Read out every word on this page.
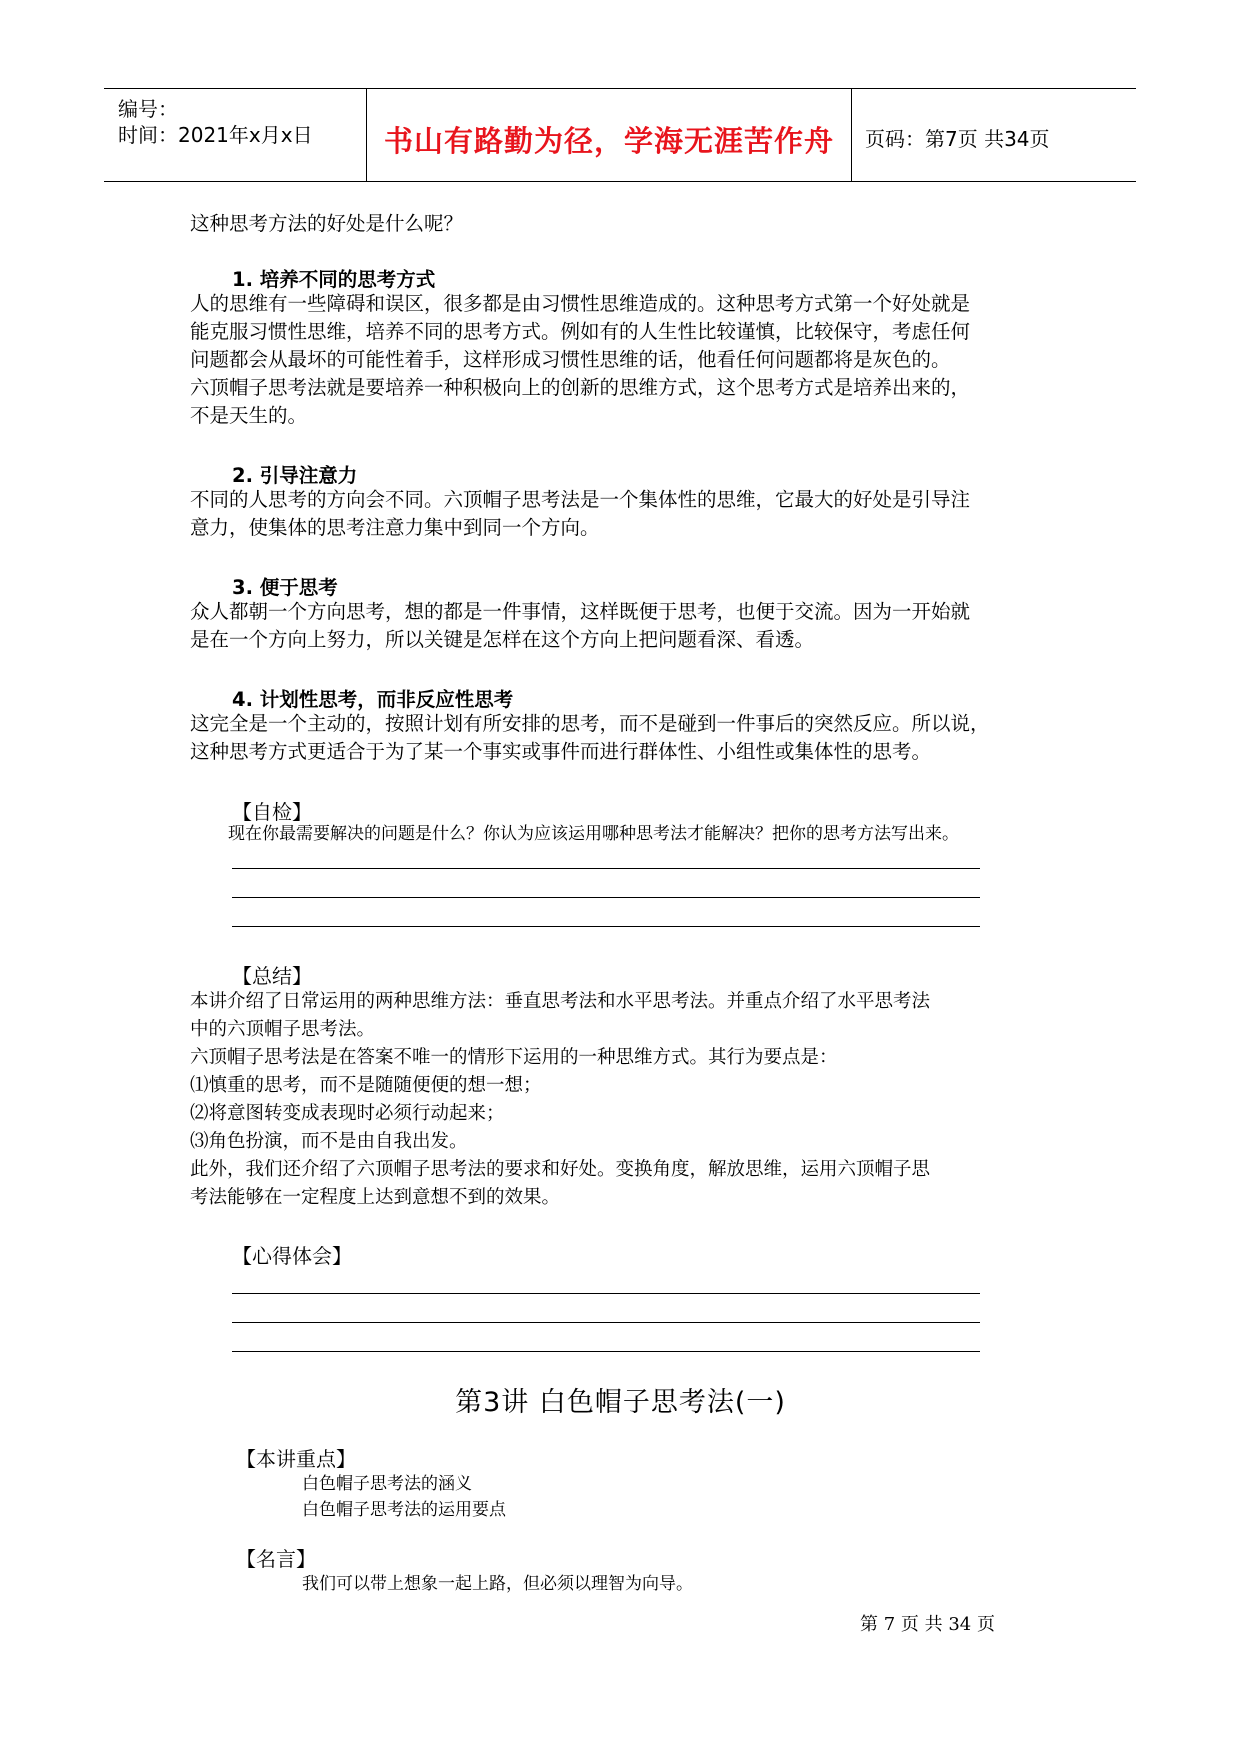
编号：
时间：2021年x月x日	书山有路勤为径，学海无涯苦作舟	页码：第7页 共34页
这种思考方法的好处是什么呢？
1. 培养不同的思考方式
人的思维有一些障碍和误区，很多都是由习惯性思维造成的。这种思考方式第一个好处就是
能克服习惯性思维，培养不同的思考方式。例如有的人生性比较谨慎，比较保守，考虑任何
问题都会从最坏的可能性着手，这样形成习惯性思维的话，他看任何问题都将是灰色的。
六顶帽子思考法就是要培养一种积极向上的创新的思维方式，这个思考方式是培养出来的，
不是天生的。
2. 引导注意力
不同的人思考的方向会不同。六顶帽子思考法是一个集体性的思维，它最大的好处是引导注
意力，使集体的思考注意力集中到同一个方向。
3. 便于思考
众人都朝一个方向思考，想的都是一件事情，这样既便于思考，也便于交流。因为一开始就
是在一个方向上努力，所以关键是怎样在这个方向上把问题看深、看透。
4. 计划性思考，而非反应性思考
这完全是一个主动的，按照计划有所安排的思考，而不是碰到一件事后的突然反应。所以说，
这种思考方式更适合于为了某一个事实或事件而进行群体性、小组性或集体性的思考。
【自检】
现在你最需要解决的问题是什么？你认为应该运用哪种思考法才能解决？把你的思考方法写出来。
【总结】
本讲介绍了日常运用的两种思维方法：垂直思考法和水平思考法。并重点介绍了水平思考法
中的六顶帽子思考法。
六顶帽子思考法是在答案不唯一的情形下运用的一种思维方式。其行为要点是：
⑴慎重的思考，而不是随随便便的想一想；
⑵将意图转变成表现时必须行动起来；
⑶角色扮演，而不是由自我出发。
此外，我们还介绍了六顶帽子思考法的要求和好处。变换角度，解放思维，运用六顶帽子思
考法能够在一定程度上达到意想不到的效果。
【心得体会】
第3讲 白色帽子思考法(一)
【本讲重点】
白色帽子思考法的涵义
白色帽子思考法的运用要点
【名言】
我们可以带上想象一起上路，但必须以理智为向导。
第 7 页 共 34 页
